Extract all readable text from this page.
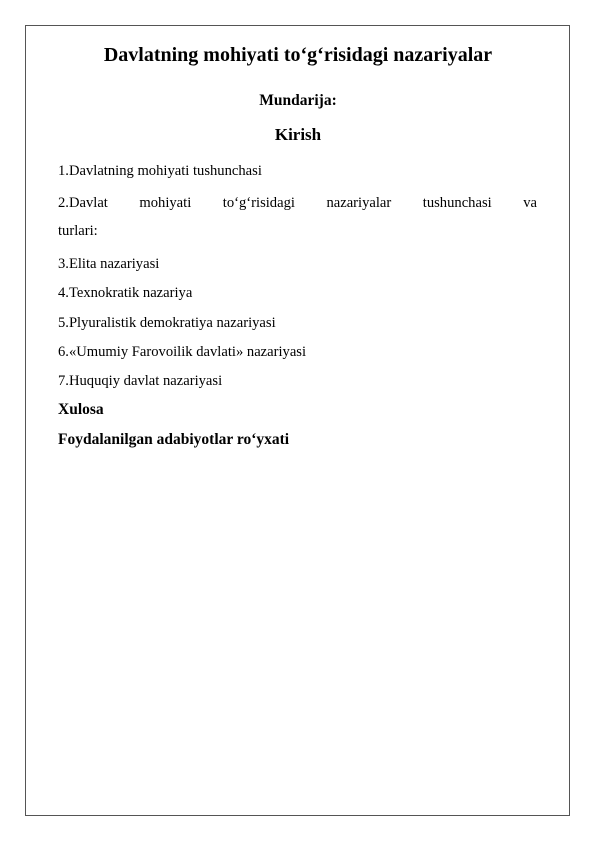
Davlatning mohiyati to‘g‘risidagi nazariyalar
Mundarija:
Kirish
1.Davlatning mohiyati tushunchasi
2.Davlat mohiyati to‘g‘risidagi nazariyalar tushunchasi va
turlari:
3.Elita nazariyasi
4.Texnokratik nazariya
5.Plyuralistik demokratiya nazariyasi
6.«Umumiy Farovoilik davlati» nazariyasi
7.Huquqiy davlat nazariyasi
Xulosa
Foydalanilgan adabiyotlar ro‘yxati
